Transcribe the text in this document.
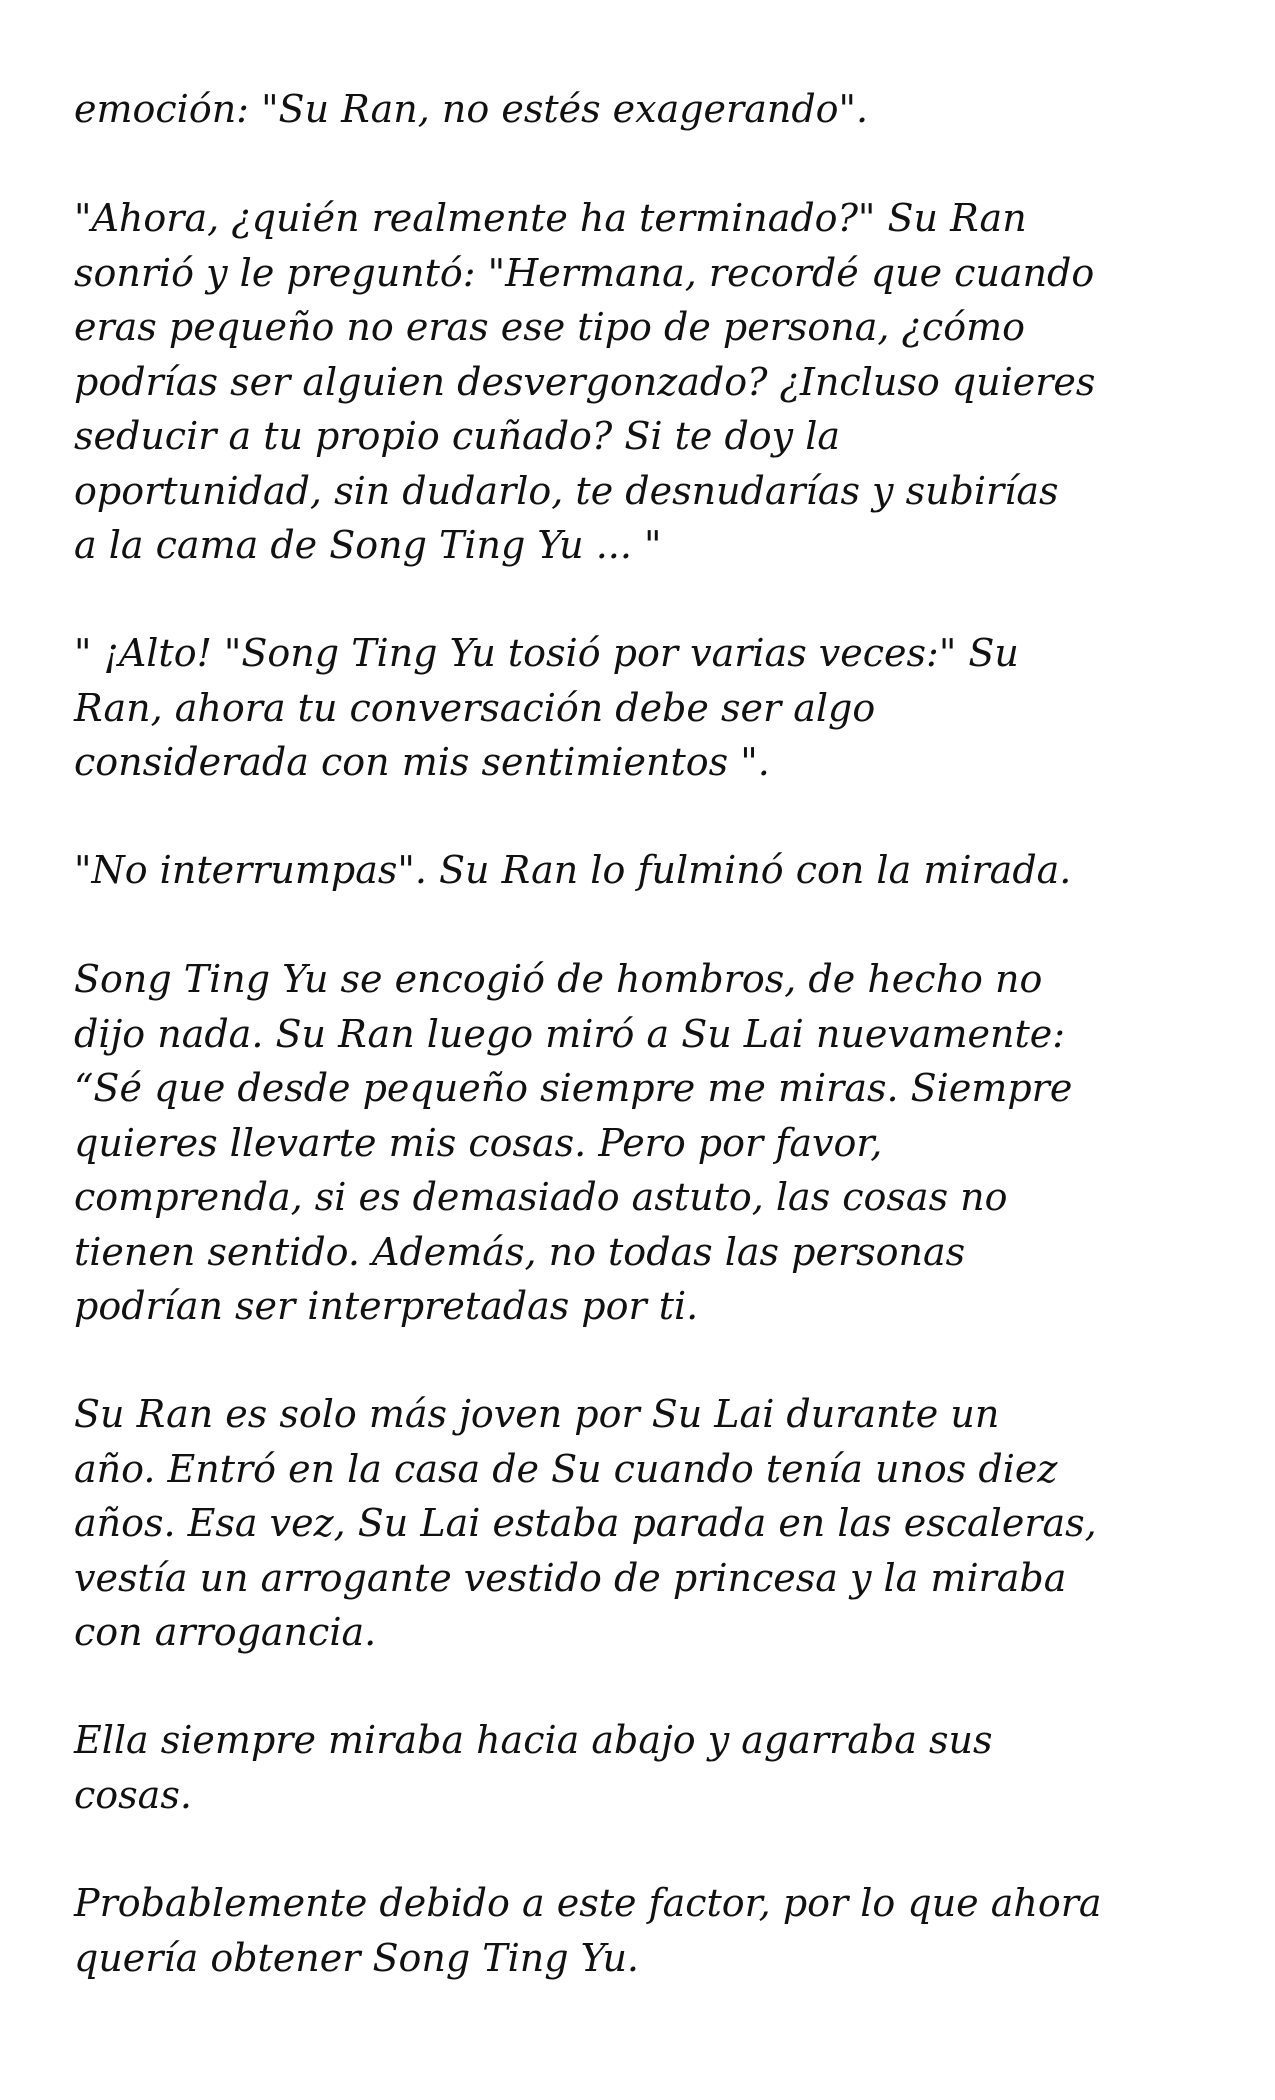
emoción: "Su Ran, no estés exagerando".

"Ahora, ¿quién realmente ha terminado?" Su Ran
sonrió y le preguntó: "Hermana, recordé que cuando
eras pequeño no eras ese tipo de persona, ¿cómo
podrías ser alguien desvergonzado? ¿Incluso quieres
seducir a tu propio cuñado? Si te doy la
oportunidad, sin dudarlo, te desnudarías y subirías
a la cama de Song Ting Yu ... "

" ¡Alto! "Song Ting Yu tosió por varias veces:" Su
Ran, ahora tu conversación debe ser algo
considerada con mis sentimientos ".

"No interrumpas". Su Ran lo fulminó con la mirada.

Song Ting Yu se encogió de hombros, de hecho no
dijo nada. Su Ran luego miró a Su Lai nuevamente:
“Sé que desde pequeño siempre me miras. Siempre
quieres llevarte mis cosas. Pero por favor,
comprenda, si es demasiado astuto, las cosas no
tienen sentido. Además, no todas las personas
podrían ser interpretadas por ti.

Su Ran es solo más joven por Su Lai durante un
año. Entró en la casa de Su cuando tenía unos diez
años. Esa vez, Su Lai estaba parada en las escaleras,
vestía un arrogante vestido de princesa y la miraba
con arrogancia.

Ella siempre miraba hacia abajo y agarraba sus
cosas.

Probablemente debido a este factor, por lo que ahora
quería obtener Song Ting Yu.
